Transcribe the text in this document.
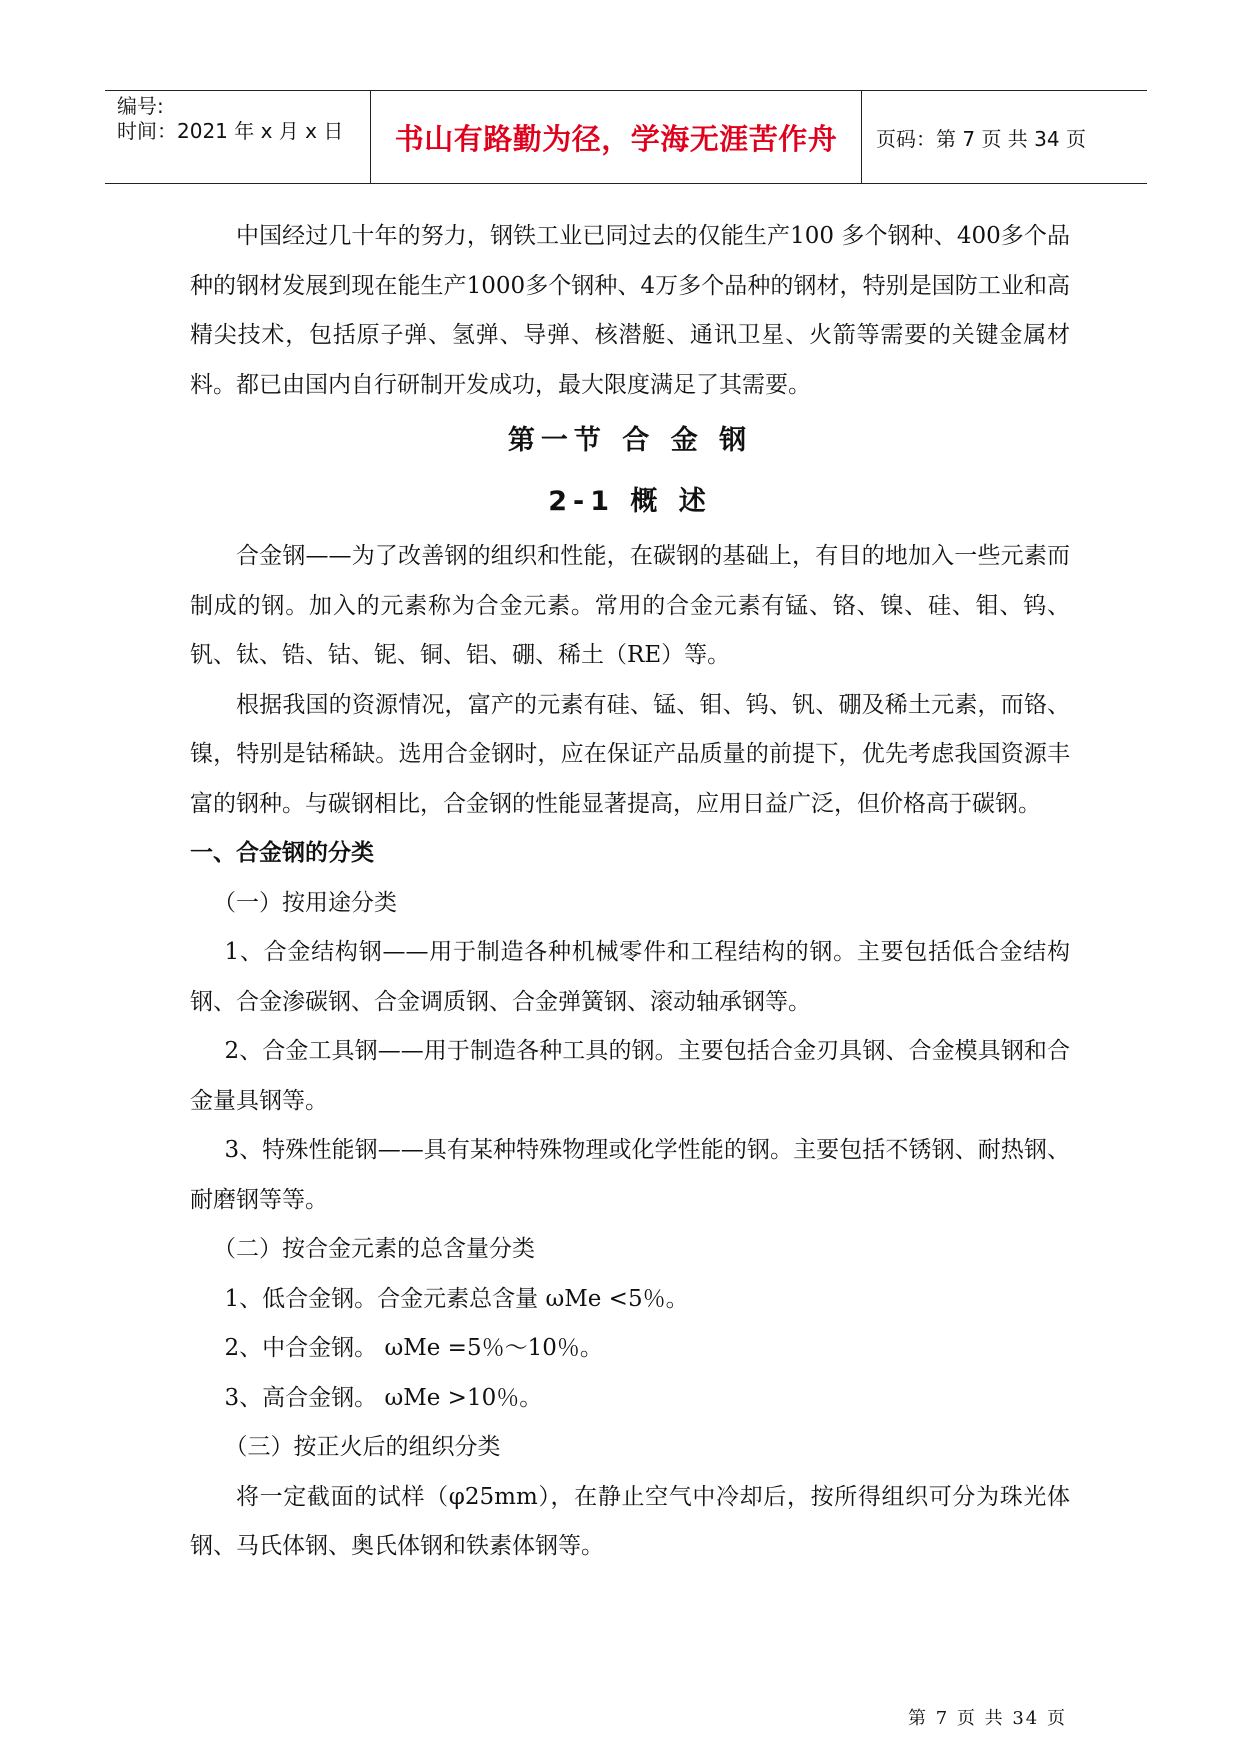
编号:
时间：2021 年 x 月 x 日 书山有路勤为径，学海无涯苦作舟 页码：第 7 页 共 34 页

中国经过几十年的努力，钢铁工业已同过去的仅能生产100 多个钢种、400多个品种的钢材发展到现在能生产1000多个钢种、4万多个品种的钢材，特别是国防工业和高精尖技术，包括原子弹、氢弹、导弹、核潜艇、通讯卫星、火箭等需要的关键金属材料。都已由国内自行研制开发成功，最大限度满足了其需要。

第一节 合 金 钢

2-1 概 述

合金钢——为了改善钢的组织和性能，在碳钢的基础上，有目的地加入一些元素而制成的钢。加入的元素称为合金元素。常用的合金元素有锰、铬、镍、硅、钼、钨、钒、钛、锆、钴、铌、铜、铝、硼、稀土（RE）等。

根据我国的资源情况，富产的元素有硅、锰、钼、钨、钒、硼及稀土元素，而铬、镍，特别是钴稀缺。选用合金钢时，应在保证产品质量的前提下，优先考虑我国资源丰富的钢种。与碳钢相比，合金钢的性能显著提高，应用日益广泛，但价格高于碳钢。

一、合金钢的分类

（一）按用途分类

1、合金结构钢——用于制造各种机械零件和工程结构的钢。主要包括低合金结构钢、合金渗碳钢、合金调质钢、合金弹簧钢、滚动轴承钢等。

2、合金工具钢——用于制造各种工具的钢。主要包括合金刃具钢、合金模具钢和合金量具钢等。

3、特殊性能钢——具有某种特殊物理或化学性能的钢。主要包括不锈钢、耐热钢、耐磨钢等等。

（二）按合金元素的总含量分类

1、低合金钢。合金元素总含量 ωMe <5％。

2、中合金钢。 ωMe =5％～10％。

3、高合金钢。 ωMe >10％。

（三）按正火后的组织分类

将一定截面的试样（φ25mm），在静止空气中冷却后，按所得组织可分为珠光体钢、马氏体钢、奥氏体钢和铁素体钢等。

第 7 页 共 34 页
